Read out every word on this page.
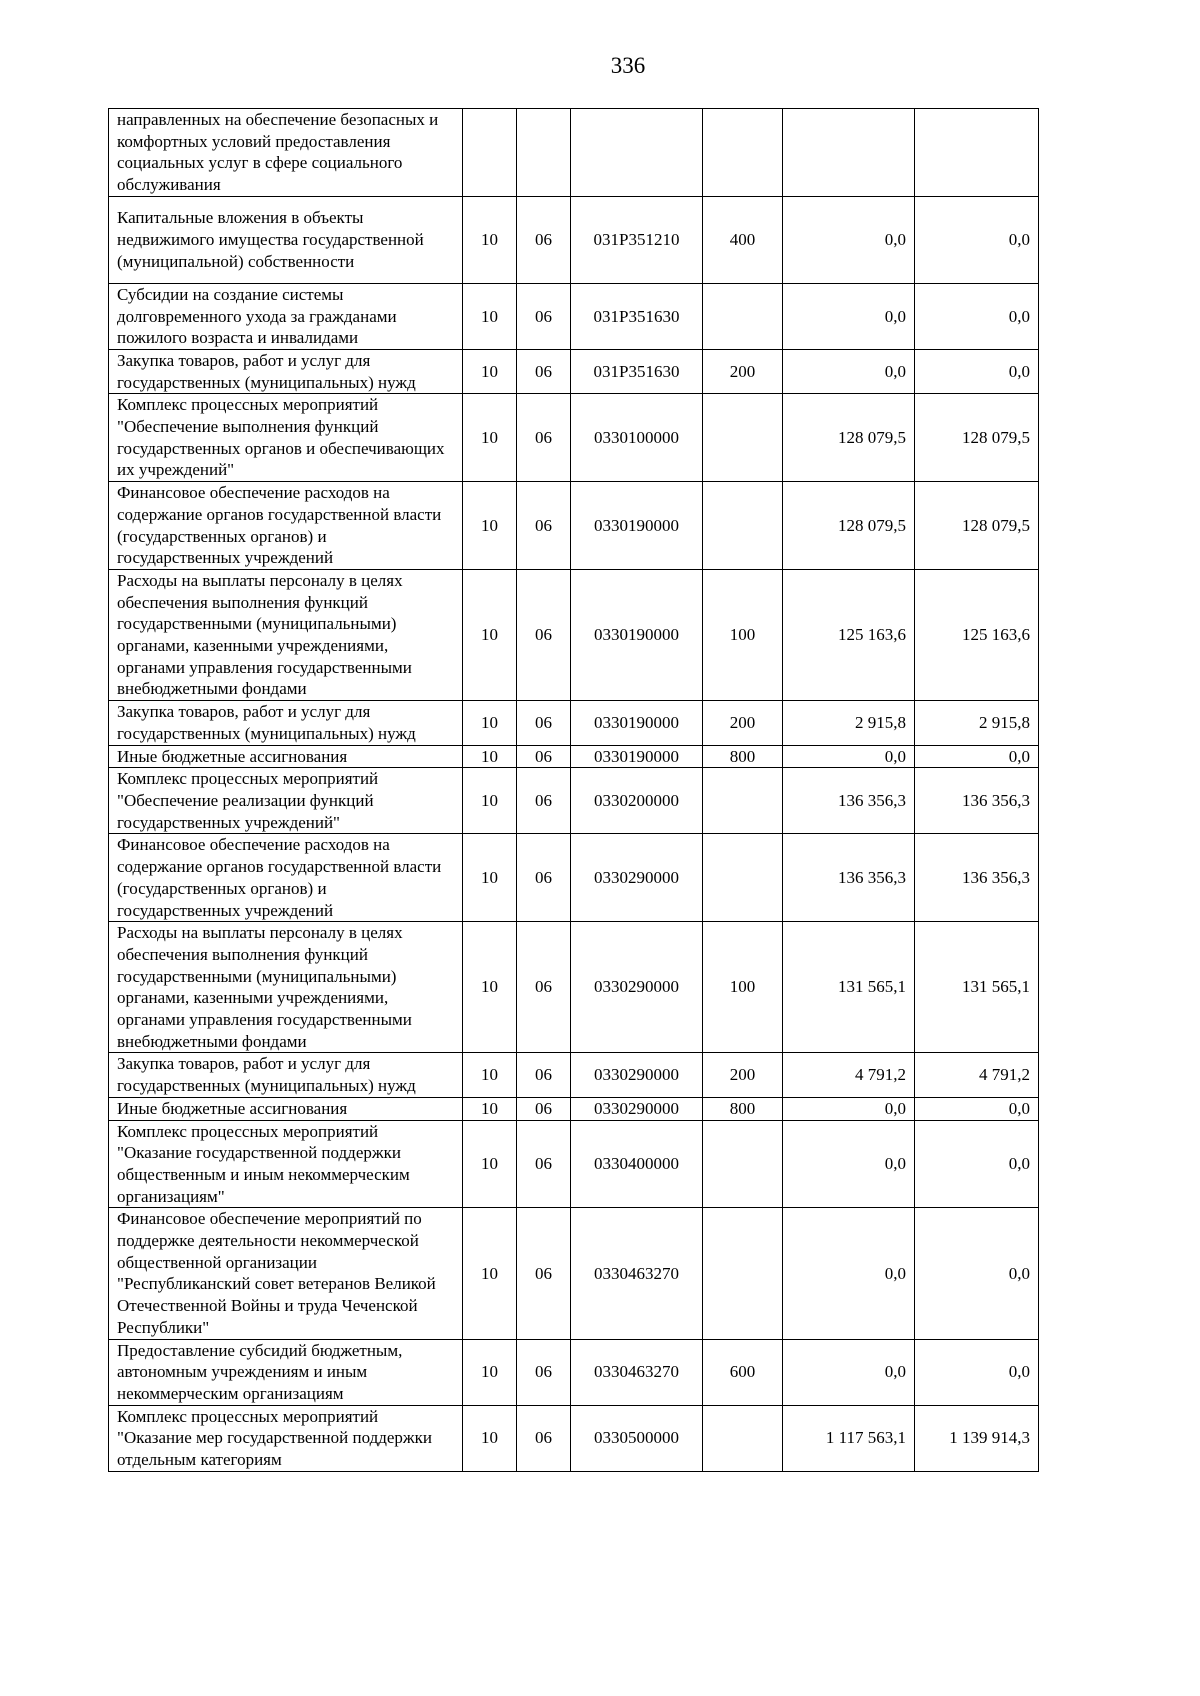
336
направленных на обеспечение безопасных и комфортных условий предоставления социальных услуг в сфере социального обслуживания						
Капитальные вложения в объекты недвижимого имущества государственной (муниципальной) собственности	10	06	031P351210	400	0,0	0,0
Субсидии на создание системы долговременного ухода за гражданами пожилого возраста и инвалидами	10	06	031P351630		0,0	0,0
Закупка товаров, работ и услуг для государственных (муниципальных) нужд	10	06	031P351630	200	0,0	0,0
Комплекс процессных мероприятий "Обеспечение выполнения функций государственных органов и обеспечивающих их учреждений"	10	06	0330100000		128 079,5	128 079,5
Финансовое обеспечение расходов на содержание органов государственной власти (государственных органов) и государственных учреждений	10	06	0330190000		128 079,5	128 079,5
Расходы на выплаты персоналу в целях обеспечения выполнения функций государственными (муниципальными) органами, казенными учреждениями, органами управления государственными внебюджетными фондами	10	06	0330190000	100	125 163,6	125 163,6
Закупка товаров, работ и услуг для государственных (муниципальных) нужд	10	06	0330190000	200	2 915,8	2 915,8
Иные бюджетные ассигнования	10	06	0330190000	800	0,0	0,0
Комплекс процессных мероприятий "Обеспечение реализации функций государственных учреждений"	10	06	0330200000		136 356,3	136 356,3
Финансовое обеспечение расходов на содержание органов государственной власти (государственных органов) и государственных учреждений	10	06	0330290000		136 356,3	136 356,3
Расходы на выплаты персоналу в целях обеспечения выполнения функций государственными (муниципальными) органами, казенными учреждениями, органами управления государственными внебюджетными фондами	10	06	0330290000	100	131 565,1	131 565,1
Закупка товаров, работ и услуг для государственных (муниципальных) нужд	10	06	0330290000	200	4 791,2	4 791,2
Иные бюджетные ассигнования	10	06	0330290000	800	0,0	0,0
Комплекс процессных мероприятий "Оказание государственной поддержки общественным и иным некоммерческим организациям"	10	06	0330400000		0,0	0,0
Финансовое обеспечение мероприятий по поддержке деятельности некоммерческой общественной организации "Республиканский совет ветеранов Великой Отечественной Войны и труда Чеченской Республики"	10	06	0330463270		0,0	0,0
Предоставление субсидий бюджетным, автономным учреждениям и иным некоммерческим организациям	10	06	0330463270	600	0,0	0,0
Комплекс процессных мероприятий "Оказание мер государственной поддержки отдельным категориям	10	06	0330500000		1 117 563,1	1 139 914,3
